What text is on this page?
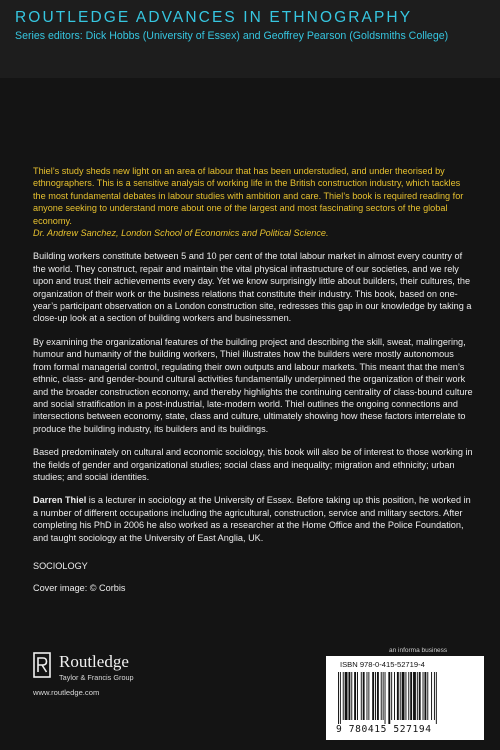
ROUTLEDGE ADVANCES IN ETHNOGRAPHY
Series editors: Dick Hobbs (University of Essex) and Geoffrey Pearson (Goldsmiths College)

Thiel’s study sheds new light on an area of labour that has been understudied, and under theorised by ethnographers. This is a sensitive analysis of working life in the British construction industry, which tackles the most fundamental debates in labour studies with ambition and care. Thiel’s book is required reading for anyone seeking to understand more about one of the largest and most fascinating sectors of the global economy.
Dr. Andrew Sanchez, London School of Economics and Political Science.

Building workers constitute between 5 and 10 per cent of the total labour market in almost every country of the world. They construct, repair and maintain the vital physical infrastructure of our societies, and we rely upon and trust their achievements every day. Yet we know surprisingly little about builders, their cultures, the organization of their work or the business relations that constitute their industry. This book, based on one-year’s participant observation on a London construction site, redresses this gap in our knowledge by taking a close-up look at a section of building workers and businessmen.

By examining the organizational features of the building project and describing the skill, sweat, malingering, humour and humanity of the building workers, Thiel illustrates how the builders were mostly autonomous from formal managerial control, regulating their own outputs and labour markets. This meant that the men’s ethnic, class- and gender-bound cultural activities fundamentally underpinned the organization of their work and the broader construction economy, and thereby highlights the continuing centrality of class-bound culture and social stratification in a post-industrial, late-modern world. Thiel outlines the ongoing connections and intersections between economy, state, class and culture, ultimately showing how these factors interrelate to produce the building industry, its builders and its buildings.

Based predominately on cultural and economic sociology, this book will also be of interest to those working in the fields of gender and organizational studies; social class and inequality; migration and ethnicity; urban studies; and social identities.

Darren Thiel is a lecturer in sociology at the University of Essex. Before taking up this position, he worked in a number of different occupations including the agricultural, construction, service and military sectors. After completing his PhD in 2006 he also worked as a researcher at the Home Office and the Police Foundation, and taught sociology at the University of East Anglia, UK.

SOCIOLOGY
Cover image: © Corbis
an informa business
Routledge
Taylor & Francis Group
www.routledge.com
ISBN 978-0-415-52719-4
9 780415 527194
